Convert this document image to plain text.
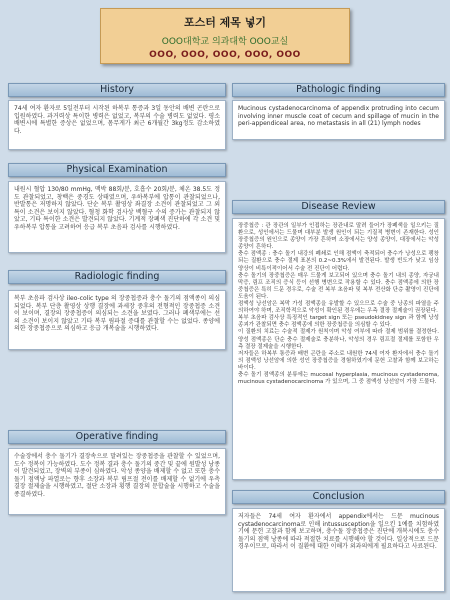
포스터 제목 넣기
OOO대학교 의과대학 OOO교실
OOO, OOO, OOO, OOO, OOO
History

74세 여자 환자로 5일전부터 시작된 하복부 통증과 3일 동안의 배변 곤란으로 입원하였다. 과거력상 특이한 병력은 없었고, 복부의 수술 병력도 없었다. 평소 배변시에 특별한 증상은 없었으며, 몸무게가 최근 6개월간 3kg정도 감소하였다.

Physical Examination

내원시 혈압 130/80 mmHg, 맥박 88회/분, 호흡수 20회/분, 체온 38.5도 정도 관찰되었고, 창백은 중경도 상태였으며, 우하복부에 압통이 관찰되었으나, 반발통은 저명하지 않았다. 단순 복부 촬영상 좌결장 소견이 관찰되었고 그 외 특이 소견은 보이지 않았다. 혈청 화학 검사상 백혈구 수의 증가는 관찰되지 않았고, 기타 특이한 소견은 발견되지 않았다. 기계적 장폐색 진단하에 각 소견 및 우하복부 압통을 고려하여 응급 복부 초음파 검사를 시행하였다.

Radiologic finding

복부 초음파 검사상 ileo-colic type 의 장중첩증과 충수 돌기의 점액종이 의심되었다. 복부 단층 촬영상 상행 결장에 과세장 중후의 전형적인 장중첩증 소견이 보이며, 결장의 장중첩증이 의심되는 소견을 보였다. 그러나 폐색부에는 선의 소견이 보이지 않았고 기타 복부 림파절 증대를 관찰할 수는 없었다. 종양에 의한 장중첩증으로 의심하고 응급 개복술을 시행하였다.

Operative finding

수술장에서 충수 돌기가 결장속으로 말려있는 장중첩증을 관찰할 수 있었으며, 도수 정복이 가능하였다. 도수 정복 결과 충수 돌기의 중간 및 끝에 원발성 낭종이 발견되었고, 장벽의 부종이 심하였다. 악성 종양을 배제할 수 없고 또한 충수 돌기 점액낭 파열로는 향후 소장과 복부 림프절 전이를 배제할 수 없기에 우측 결장 절제술을 시행하였고, 절단 소장과 횡행 결장의 문합술을 시행하고 수술을 종결하였다.

Pathologic finding

Mucinous cystadenocarcinoma of appendix protruding into cecum involving inner muscle coat of cecum and spillage of mucin in the peri-appendiceal area, no metastasis in all (21) lymph nodes

Disease Review

장중첩증 : 관 장관의 일부가 인접하는 장관내로 말려 들어가 장폐색을 일으키는 질환으로, 성인에서는 드물며 대부분 발생 원인이 되는 기질적 병변이 존재한다. 성인 장중첩증의 원인으로 종양이 가장 흔하며 소장에서는 양성 종양이, 대장에서는 악성 종양이 흔하다.

충수 점액종 : 충수 돌기 내강의 폐쇄로 인해 점액이 축적되어 충수가 낭성으로 팽창되는 질환으로 충수 절제 표본의 0.2~0.3%에서 발견된다. 발생 빈도가 낮고 임상 양상이 비특이적이어서 수술 전 진단이 어렵다.

충수 돌기의 장중첩증은 매우 드물게 보고되어 있으며 충수 돌기 내의 종양, 자궁내막증, 림프 조직의 증식 등이 선행 병변으로 작용할 수 있다. 충수 점액종에 의한 장중첩증은 특히 드문 경우로, 수술 전 복부 초음파 및 복부 전산화 단층 촬영이 진단에 도움이 된다.

점액성 낭선암은 복막 가성 점액종을 유발할 수 있으므로 수술 중 낭종의 파열을 주의하여야 하며, 조직학적으로 악성이 확인된 경우에는 우측 결장 절제술이 권장된다.

복부 초음파 검사상 특징적인 target sign 또는 pseudokidney sign 과 함께 낭성 종괴가 관찰되면 충수 점액종에 의한 장중첩증을 의심할 수 있다.

이 질환의 치료는 수술적 절제가 원칙이며 악성 여부에 따라 절제 범위를 결정한다. 양성 점액종은 단순 충수 절제술로 충분하나, 악성의 경우 림프절 절제를 포함한 우측 결장 절제술을 시행한다.

저자들은 하복부 통증과 배변 곤란을 주소로 내원한 74세 여자 환자에서 충수 돌기의 점액성 낭선암에 의한 성인 장중첩증을 경험하였기에 문헌 고찰과 함께 보고하는 바이다.

충수 돌기 점액종의 분류에는 mucosal hyperplasia, mucinous cystadenoma, mucinous cystadenocarcinoma 가 있으며, 그 중 점액성 낭선암이 가장 드물다.

Conclusion

저자들은 74세 여자 환자에서 appendix에서는 드문 mucinous cystadenocarcinoma로 인해 intussusception을 일으킨 1예를 치험하였기에 문헌 고찰과 함께 보고하며, 충수돌 장중첩증은 진단에 개복시에도 충수 돌기의 점액 낭종에 따라 적절한 치료를 시행해야 할 것이다. 일상적으로 드문 경우이므로, 따라서 이 질환에 대한 이해가 외과의에게 필요하다고 사료된다.
